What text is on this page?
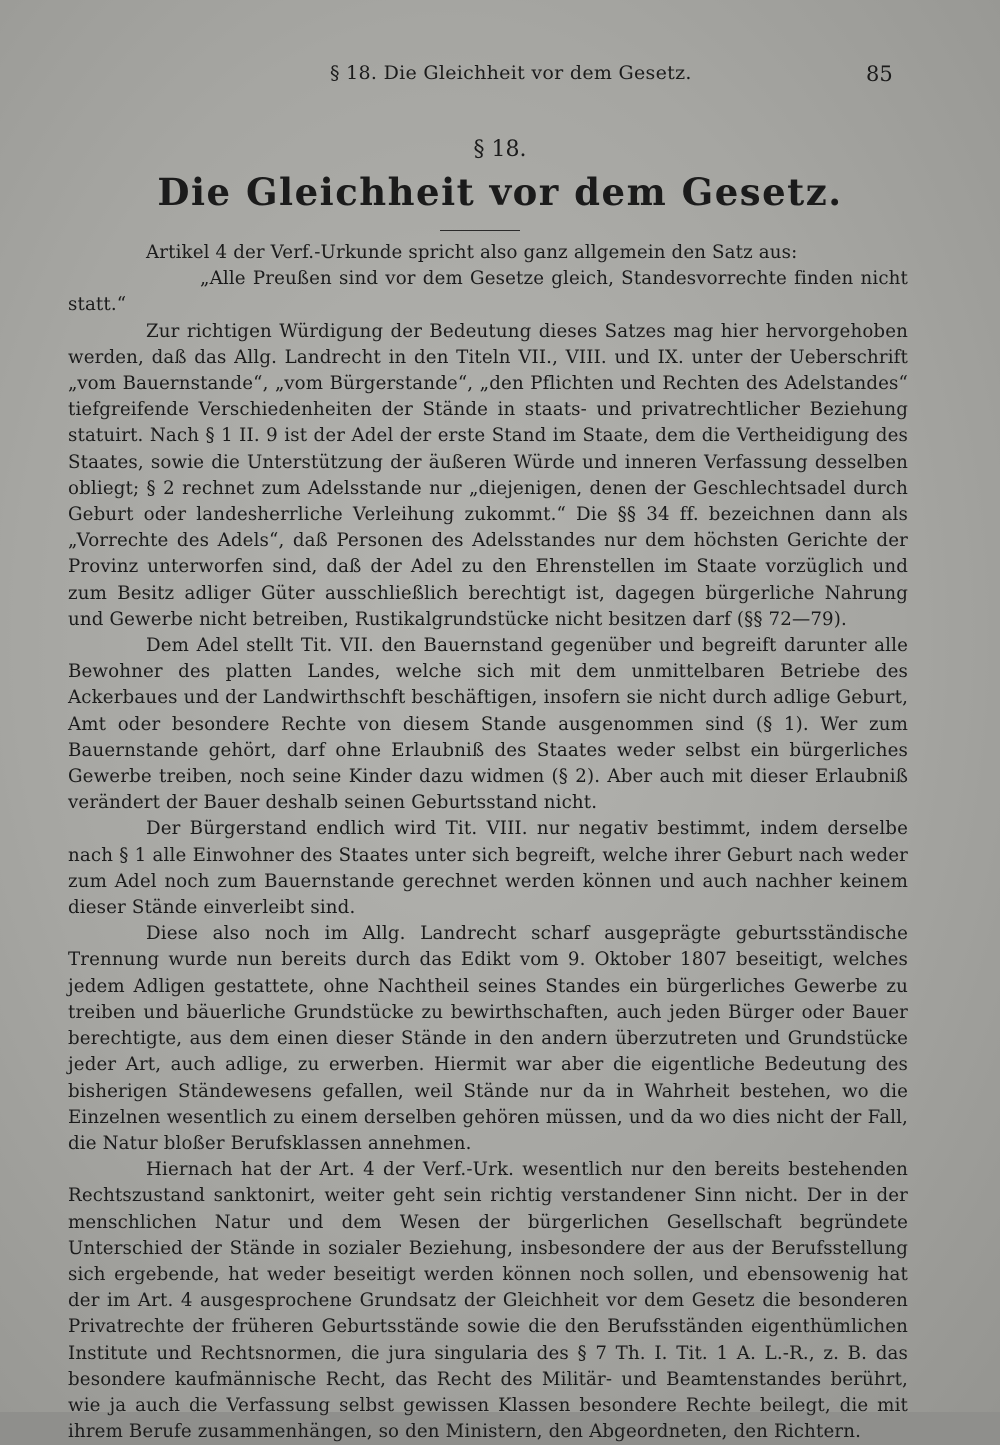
§ 18. Die Gleichheit vor dem Gesetz.	85
§ 18.
Die Gleichheit vor dem Gesetz.

Artikel 4 der Verf.-Urkunde spricht also ganz allgemein den Satz aus:

„Alle Preußen sind vor dem Gesetze gleich, Standesvorrechte finden nicht statt.“

Zur richtigen Würdigung der Bedeutung dieses Satzes mag hier hervorgehoben werden, daß das Allg. Landrecht in den Titeln VII., VIII. und IX. unter der Ueberschrift „vom Bauernstande“, „vom Bürgerstande“, „den Pflichten und Rechten des Adelstandes“ tiefgreifende Verschiedenheiten der Stände in staats- und privatrechtlicher Beziehung statuirt. Nach § 1 II. 9 ist der Adel der erste Stand im Staate, dem die Vertheidigung des Staates, sowie die Unterstützung der äußeren Würde und inneren Verfassung desselben obliegt; § 2 rechnet zum Adelsstande nur „diejenigen, denen der Geschlechtsadel durch Geburt oder landesherrliche Verleihung zukommt.“ Die §§ 34 ff. bezeichnen dann als „Vorrechte des Adels“, daß Personen des Adelsstandes nur dem höchsten Gerichte der Provinz unterworfen sind, daß der Adel zu den Ehrenstellen im Staate vorzüglich und zum Besitz adliger Güter ausschließlich berechtigt ist, dagegen bürgerliche Nahrung und Gewerbe nicht betreiben, Rustikalgrundstücke nicht besitzen darf (§§ 72—79).

Dem Adel stellt Tit. VII. den Bauernstand gegenüber und begreift darunter alle Bewohner des platten Landes, welche sich mit dem unmittelbaren Betriebe des Ackerbaues und der Landwirthschft beschäftigen, insofern sie nicht durch adlige Geburt, Amt oder besondere Rechte von diesem Stande ausgenommen sind (§ 1). Wer zum Bauernstande gehört, darf ohne Erlaubniß des Staates weder selbst ein bürgerliches Gewerbe treiben, noch seine Kinder dazu widmen (§ 2). Aber auch mit dieser Erlaubniß verändert der Bauer deshalb seinen Geburtsstand nicht.

Der Bürgerstand endlich wird Tit. VIII. nur negativ bestimmt, indem derselbe nach § 1 alle Einwohner des Staates unter sich begreift, welche ihrer Geburt nach weder zum Adel noch zum Bauernstande gerechnet werden können und auch nachher keinem dieser Stände einverleibt sind.

Diese also noch im Allg. Landrecht scharf ausgeprägte geburtsständische Trennung wurde nun bereits durch das Edikt vom 9. Oktober 1807 beseitigt, welches jedem Adligen gestattete, ohne Nachtheil seines Standes ein bürgerliches Gewerbe zu treiben und bäuerliche Grundstücke zu bewirthschaften, auch jeden Bürger oder Bauer berechtigte, aus dem einen dieser Stände in den andern überzutreten und Grundstücke jeder Art, auch adlige, zu erwerben. Hiermit war aber die eigentliche Bedeutung des bisherigen Ständewesens gefallen, weil Stände nur da in Wahrheit bestehen, wo die Einzelnen wesentlich zu einem derselben gehören müssen, und da wo dies nicht der Fall, die Natur bloßer Berufsklassen annehmen.

Hiernach hat der Art. 4 der Verf.-Urk. wesentlich nur den bereits bestehenden Rechtszustand sanktonirt, weiter geht sein richtig verstandener Sinn nicht. Der in der menschlichen Natur und dem Wesen der bürgerlichen Gesellschaft begründete Unterschied der Stände in sozialer Beziehung, insbesondere der aus der Berufsstellung sich ergebende, hat weder beseitigt werden können noch sollen, und ebensowenig hat der im Art. 4 ausgesprochene Grundsatz der Gleichheit vor dem Gesetz die besonderen Privatrechte der früheren Geburtsstände sowie die den Berufsständen eigenthümlichen Institute und Rechtsnormen, die jura singularia des § 7 Th. I. Tit. 1 A. L.-R., z. B. das besondere kaufmännische Recht, das Recht des Militär- und Beamtenstandes berührt, wie ja auch die Verfassung selbst gewissen Klassen besondere Rechte beilegt, die mit ihrem Berufe zusammenhängen, so den Ministern, den Abgeordneten, den Richtern.
